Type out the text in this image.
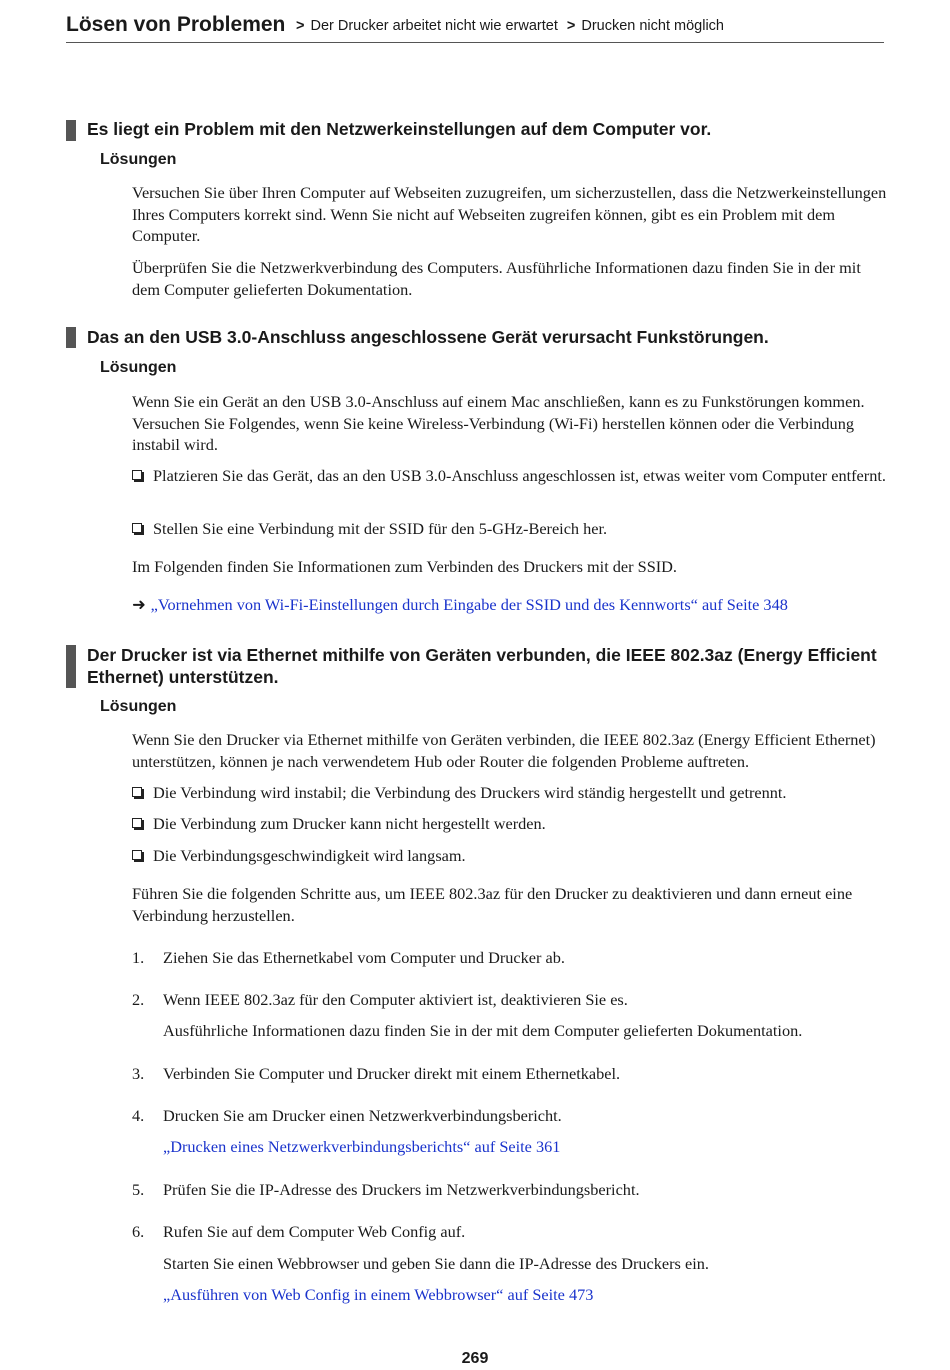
Lösen von Problemen > Der Drucker arbeitet nicht wie erwartet > Drucken nicht möglich
Es liegt ein Problem mit den Netzwerkeinstellungen auf dem Computer vor.
Lösungen
Versuchen Sie über Ihren Computer auf Webseiten zuzugreifen, um sicherzustellen, dass die Netzwerkeinstellungen Ihres Computers korrekt sind. Wenn Sie nicht auf Webseiten zugreifen können, gibt es ein Problem mit dem Computer.
Überprüfen Sie die Netzwerkverbindung des Computers. Ausführliche Informationen dazu finden Sie in der mit dem Computer gelieferten Dokumentation.
Das an den USB 3.0-Anschluss angeschlossene Gerät verursacht Funkstörungen.
Lösungen
Wenn Sie ein Gerät an den USB 3.0-Anschluss auf einem Mac anschließen, kann es zu Funkstörungen kommen. Versuchen Sie Folgendes, wenn Sie keine Wireless-Verbindung (Wi-Fi) herstellen können oder die Verbindung instabil wird.
Platzieren Sie das Gerät, das an den USB 3.0-Anschluss angeschlossen ist, etwas weiter vom Computer entfernt.
Stellen Sie eine Verbindung mit der SSID für den 5-GHz-Bereich her.
Im Folgenden finden Sie Informationen zum Verbinden des Druckers mit der SSID.
➜ „Vornehmen von Wi-Fi-Einstellungen durch Eingabe der SSID und des Kennworts“ auf Seite 348
Der Drucker ist via Ethernet mithilfe von Geräten verbunden, die IEEE 802.3az (Energy Efficient Ethernet) unterstützen.
Lösungen
Wenn Sie den Drucker via Ethernet mithilfe von Geräten verbinden, die IEEE 802.3az (Energy Efficient Ethernet) unterstützen, können je nach verwendetem Hub oder Router die folgenden Probleme auftreten.
Die Verbindung wird instabil; die Verbindung des Druckers wird ständig hergestellt und getrennt.
Die Verbindung zum Drucker kann nicht hergestellt werden.
Die Verbindungsgeschwindigkeit wird langsam.
Führen Sie die folgenden Schritte aus, um IEEE 802.3az für den Drucker zu deaktivieren und dann erneut eine Verbindung herzustellen.
1.	Ziehen Sie das Ethernetkabel vom Computer und Drucker ab.
2.	Wenn IEEE 802.3az für den Computer aktiviert ist, deaktivieren Sie es.
Ausführliche Informationen dazu finden Sie in der mit dem Computer gelieferten Dokumentation.
3.	Verbinden Sie Computer und Drucker direkt mit einem Ethernetkabel.
4.	Drucken Sie am Drucker einen Netzwerkverbindungsbericht.
„Drucken eines Netzwerkverbindungsberichts“ auf Seite 361
5.	Prüfen Sie die IP-Adresse des Druckers im Netzwerkverbindungsbericht.
6.	Rufen Sie auf dem Computer Web Config auf.
Starten Sie einen Webbrowser und geben Sie dann die IP-Adresse des Druckers ein.
„Ausführen von Web Config in einem Webbrowser“ auf Seite 473
269
